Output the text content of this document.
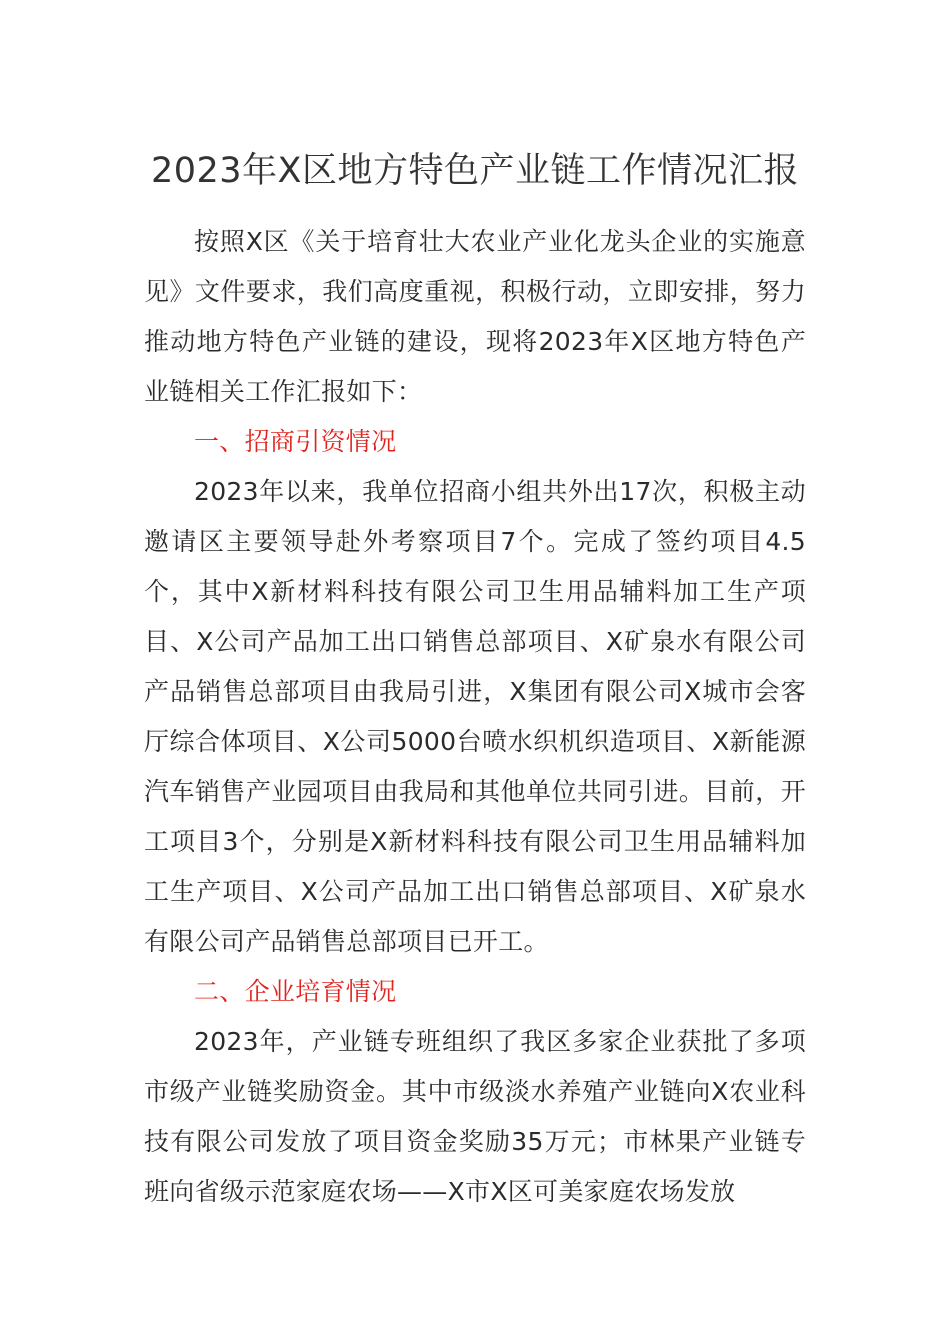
2023年X区地方特色产业链工作情况汇报

按照X区《关于培育壮大农业产业化龙头企业的实施意见》文件要求，我们高度重视，积极行动，立即安排，努力推动地方特色产业链的建设，现将2023年X区地方特色产业链相关工作汇报如下：

一、招商引资情况

2023年以来，我单位招商小组共外出17次，积极主动邀请区主要领导赴外考察项目7个。完成了签约项目4.5个，其中X新材料科技有限公司卫生用品辅料加工生产项目、X公司产品加工出口销售总部项目、X矿泉水有限公司产品销售总部项目由我局引进，X集团有限公司X城市会客厅综合体项目、X公司5000台喷水织机织造项目、X新能源汽车销售产业园项目由我局和其他单位共同引进。目前，开工项目3个，分别是X新材料科技有限公司卫生用品辅料加工生产项目、X公司产品加工出口销售总部项目、X矿泉水有限公司产品销售总部项目已开工。

二、企业培育情况

2023年，产业链专班组织了我区多家企业获批了多项市级产业链奖励资金。其中市级淡水养殖产业链向X农业科技有限公司发放了项目资金奖励35万元；市林果产业链专班向省级示范家庭农场——X市X区可美家庭农场发放
